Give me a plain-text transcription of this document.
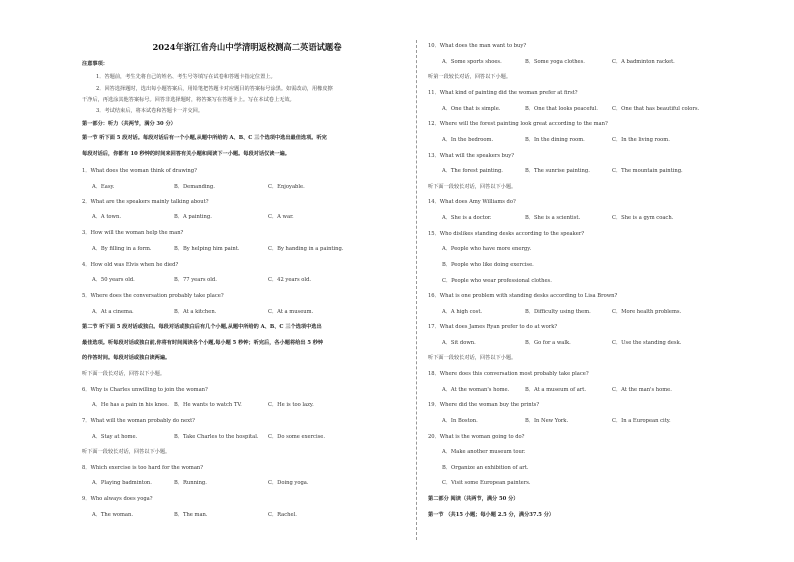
2024年浙江省舟山中学清明返校测高二英语试题卷
注意事项：
1．答题前，考生先将自己的姓名、考生号等填写在试卷和答题卡指定位置上。
2．回答选择题时，选出每小题答案后，用铅笔把答题卡对应题目的答案标号涂黑。如需改动，用橡皮擦
干净后，再选涂其他答案标号。回答非选择题时，将答案写在答题卡上。写在本试卷上无效。
3．考试结束后，将本试卷和答题卡一并交回。
第一部分：听力（共两节，满分 30 分）
第一节 听下面 5 段对话。每段对话后有一个小题,从题中所给的 A、B、C 三个选项中选出最佳选项。听完
每段对话后，你都有 10 秒钟的时间来回答有关小题和阅读下一小题。每段对话仅读一遍。
1．What does the woman think of drawing?
A．Easy.	B．Demanding.	C．Enjoyable.
2．What are the speakers mainly talking about?
A．A town.	B．A painting.	C．A war.
3．How will the woman help the man?
A．By filling in a form.	B．By helping him paint.	C．By handing in a painting.
4．How old was Elvis when he died?
A．50 years old.	B．77 years old.	C．42 years old.
5．Where does the conversation probably take place?
A．At a cinema.	B．At a kitchen.	C．At a museum.
第二节 听下面 5 段对话或独白。每段对话或独白后有几个小题,从题中所给的 A、B、C 三个选项中选出
最佳选项。听每段对话或独白前,你将有时间阅读各个小题,每小题 5 秒钟；听完后，各小题将给出 5 秒钟
的作答时间。每段对话或独白读两遍。
听下面一段长对话，回答以下小题。
6．Why is Charles unwilling to join the woman?
A．He has a pain in his knee. B．He wants to watch TV.	C．He is too lazy.
7．What will the woman probably do next?
A．Stay at home.	B．Take Charles to the hospital. C．Do some exercise.
听下面一段较长对话，回答以下小题。
8．Which exercise is too hard for the woman?
A．Playing badminton.	B．Running.	C．Doing yoga.
9．Who always does yoga?
A．The woman.	B．The man.	C．Rachel.
10．What does the man want to buy?
A．Some sports shoes.	B．Some yoga clothes.	C．A badminton racket.
听第一段较长对话，回答以下小题。
11．What kind of painting did the woman prefer at first?
A．One that is simple.	B．One that looks peaceful.	C．One that has beautiful colors.
12．Where will the forest painting look great according to the man?
A．In the bedroom.	B．In the dining room.	C．In the living room.
13．What will the speakers buy?
A．The forest painting.	B．The sunrise painting.	C．The mountain painting.
听下面一段较长对话，回答以下小题。
14．What does Amy Williams do?
A．She is a doctor.	B．She is a scientist.	C．She is a gym coach.
15．Who dislikes standing desks according to the speaker?
A．People who have more energy.
B．People who like doing exercise.
C．People who wear professional clothes.
16．What is one problem with standing desks according to Lisa Brown?
A．A high cost.	B．Difficulty using them.	C．More health problems.
17．What does James Ryan prefer to do at work?
A．Sit down.	B．Go for a walk.	C．Use the standing desk.
听下面一段较长对话，回答以下小题。
18．Where does this conversation most probably take place?
A．At the woman's home.	B．At a museum of art.	C．At the man's home.
19．Where did the woman buy the prints?
A．In Boston.	B．In New York.	C．In a European city.
20．What is the woman going to do?
A．Make another museum tour.
B．Organize an exhibition of art.
C．Visit some European painters.
第二部分 阅读（共两节，满分 50 分）
第一节 （共15 小题；每小题 2.5 分，满分37.5 分）
